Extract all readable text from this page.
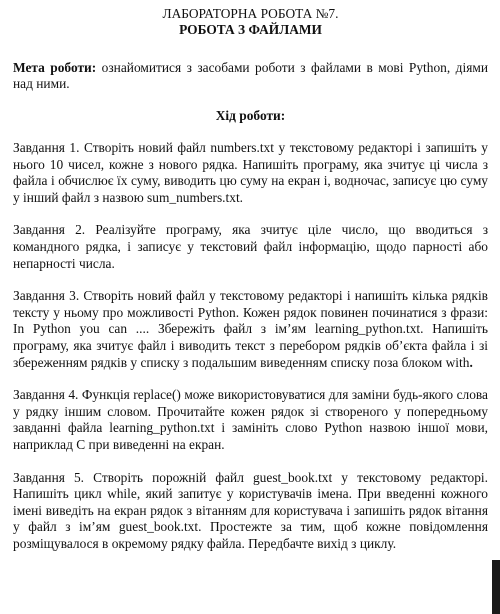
ЛАБОРАТОРНА РОБОТА №7.

РОБОТА З ФАЙЛАМИ

Мета роботи: ознайомитися з засобами роботи з файлами в мові Python, діями над ними.
Хід роботи:
Завдання 1. Створіть новий файл numbers.txt у текстовому редакторі і запишіть у нього 10 чисел, кожне з нового рядка. Напишіть програму, яка зчитує ці числа з файла і обчислює їх суму, виводить цю суму на екран і, водночас, записує цю суму у інший файл з назвою sum_numbers.txt.
Завдання 2. Реалізуйте програму, яка зчитує ціле число, що вводиться з командного рядка, і записує у текстовий файл інформацію, щодо парності або непарності числа.
Завдання 3. Створіть новий файл у текстовому редакторі і напишіть кілька рядків тексту у ньому про можливості Python. Кожен рядок повинен починатися з фрази: In Python you can .... Збережіть файл з ім’ям learning_python.txt. Напишіть програму, яка зчитує файл і виводить текст з перебором рядків об’єкта файла і зі збереженням рядків у списку з подальшим виведенням списку поза блоком with.
Завдання 4. Функція replace() може використовуватися для заміни будь-якого слова у рядку іншим словом. Прочитайте кожен рядок зі створеного у попередньому завданні файла learning_python.txt і замініть слово Python назвою іншої мови, наприклад С при виведенні на екран.
Завдання 5. Створіть порожній файл guest_book.txt у текстовому редакторі. Напишіть цикл while, який запитує у користувачів імена. При введенні кожного імені виведіть на екран рядок з вітанням для користувача і запишіть рядок вітання у файл з ім’ям guest_book.txt. Простежте за тим, щоб кожне повідомлення розміщувалося в окремому рядку файла. Передбачте вихід з циклу.
